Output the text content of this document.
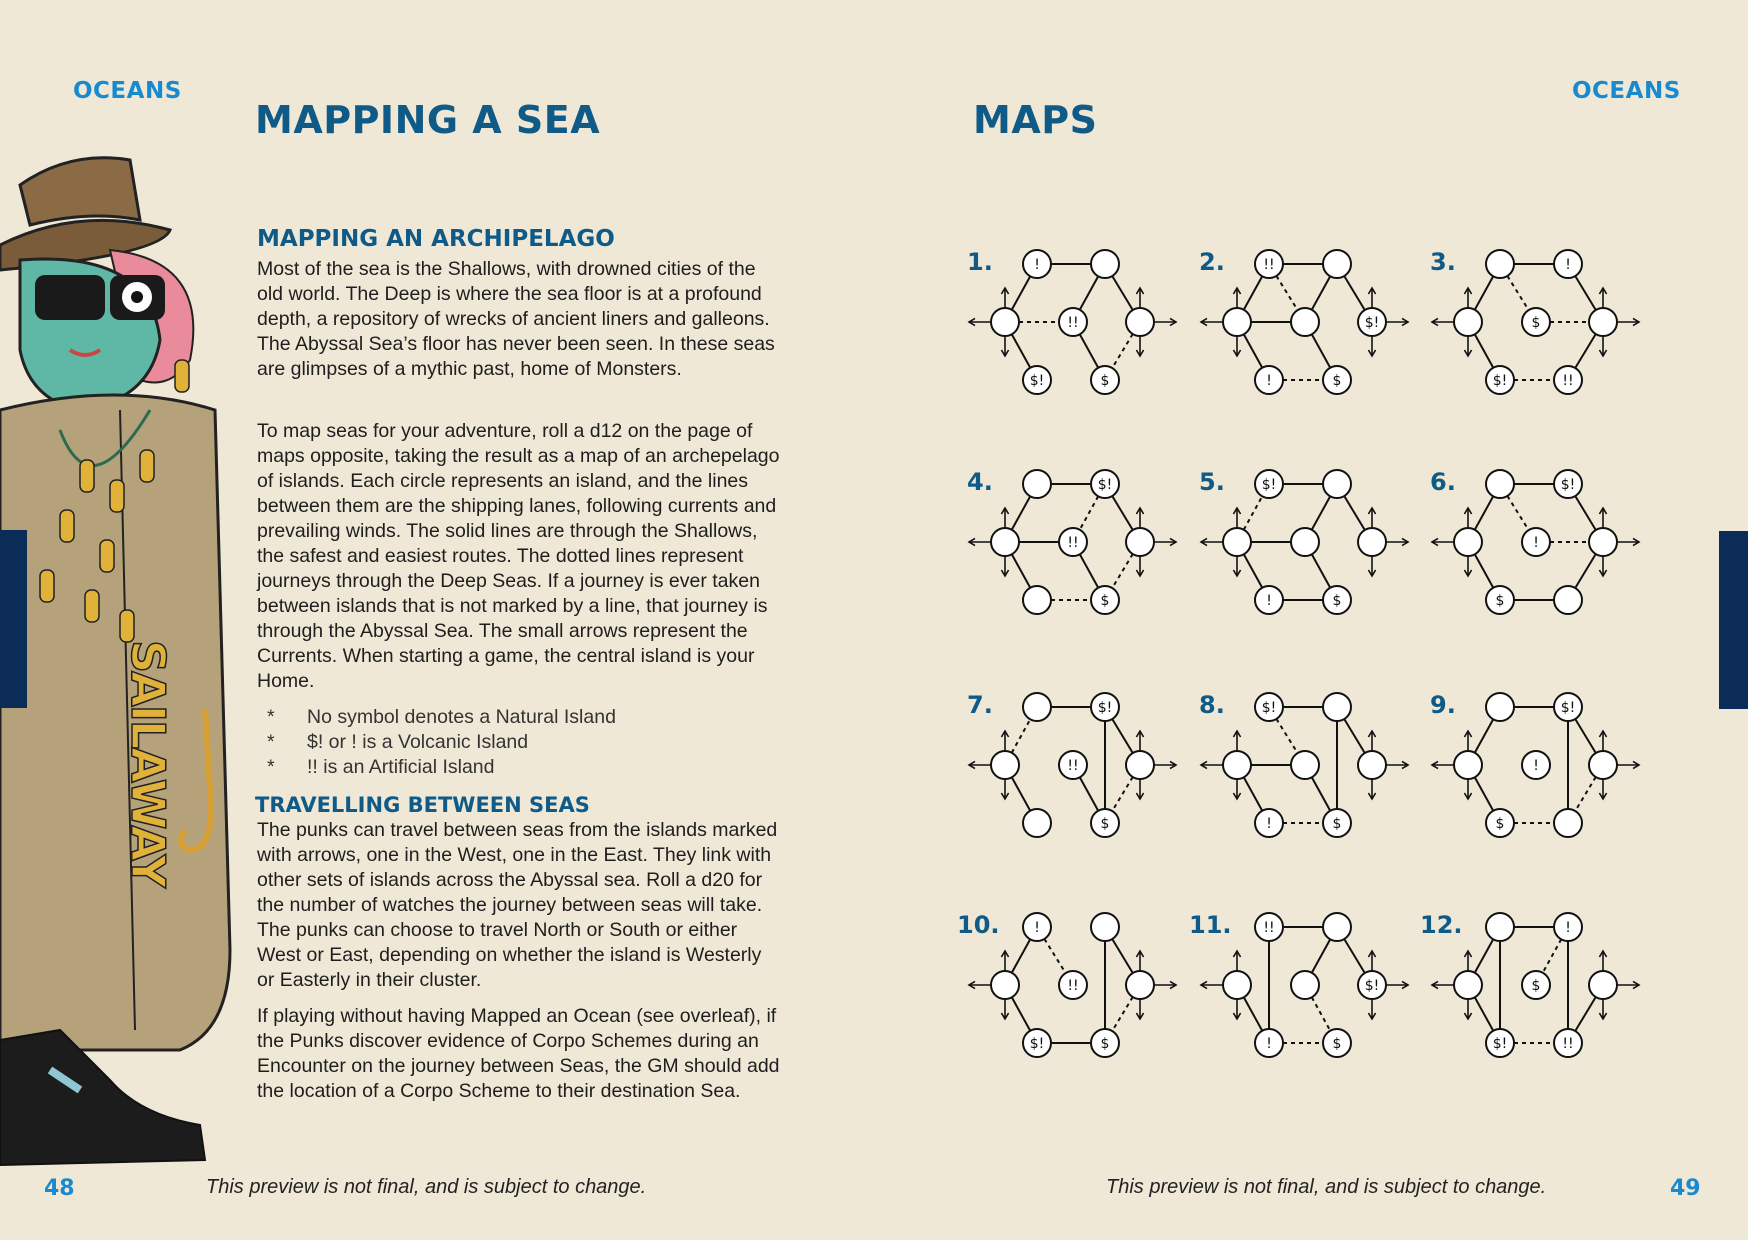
OCEANS
SAILAWAY
MAPPING A SEA
MAPPING AN ARCHIPELAGO

Most of the sea is the Shallows, with drowned cities of the old world. The Deep is where the sea floor is at a profound depth, a repository of wrecks of ancient liners and galleons. The Abyssal Sea’s floor has never been seen. In these seas are glimpses of a mythic past, home of Monsters.

To map seas for your adventure, roll a d12 on the page of maps opposite, taking the result as a map of an archepelago of islands. Each circle represents an island, and the lines between them are the shipping lanes, following currents and prevailing winds. The solid lines are through the Shallows, the safest and easiest routes. The dotted lines represent journeys through the Deep Seas. If a journey is ever taken between islands that is not marked by a line, that journey is through the Abyssal Sea. The small arrows represent the Currents. When starting a game, the central island is your Home.

*	No symbol denotes a Natural Island
*	$! or ! is a Volcanic Island
*	!! is an Artificial Island
TRAVELLING BETWEEN SEAS

The punks can travel between seas from the islands marked with arrows, one in the West, one in the East. They link with other sets of islands across the Abyssal sea. Roll a d20 for the number of watches the journey between seas will take. The punks can choose to travel North or South or either West or East, depending on whether the island is Westerly or Easterly in their cluster.

If playing without having Mapped an Ocean (see overleaf), if the Punks discover evidence of Corpo Schemes during an Encounter on the journey between Seas, the GM should add the location of a Corpo Scheme to their destination Sea.

48	This preview is not final, and is subject to change.
OCEANS
MAPS
1.	!
!!
$!	$
2.	!!
$!
!	$
3.	!
$
$!	!!
4.	$!
!!
$
5.	$!
!	$
6.	$!
!
$
7.	$!
!!
$
8.	$!
!	$
9.	$!
!
$
10. !
!!
$!	$
11. !!
$!
!	$
12.	!
$
$!	!!
This preview is not final, and is subject to change.	49
